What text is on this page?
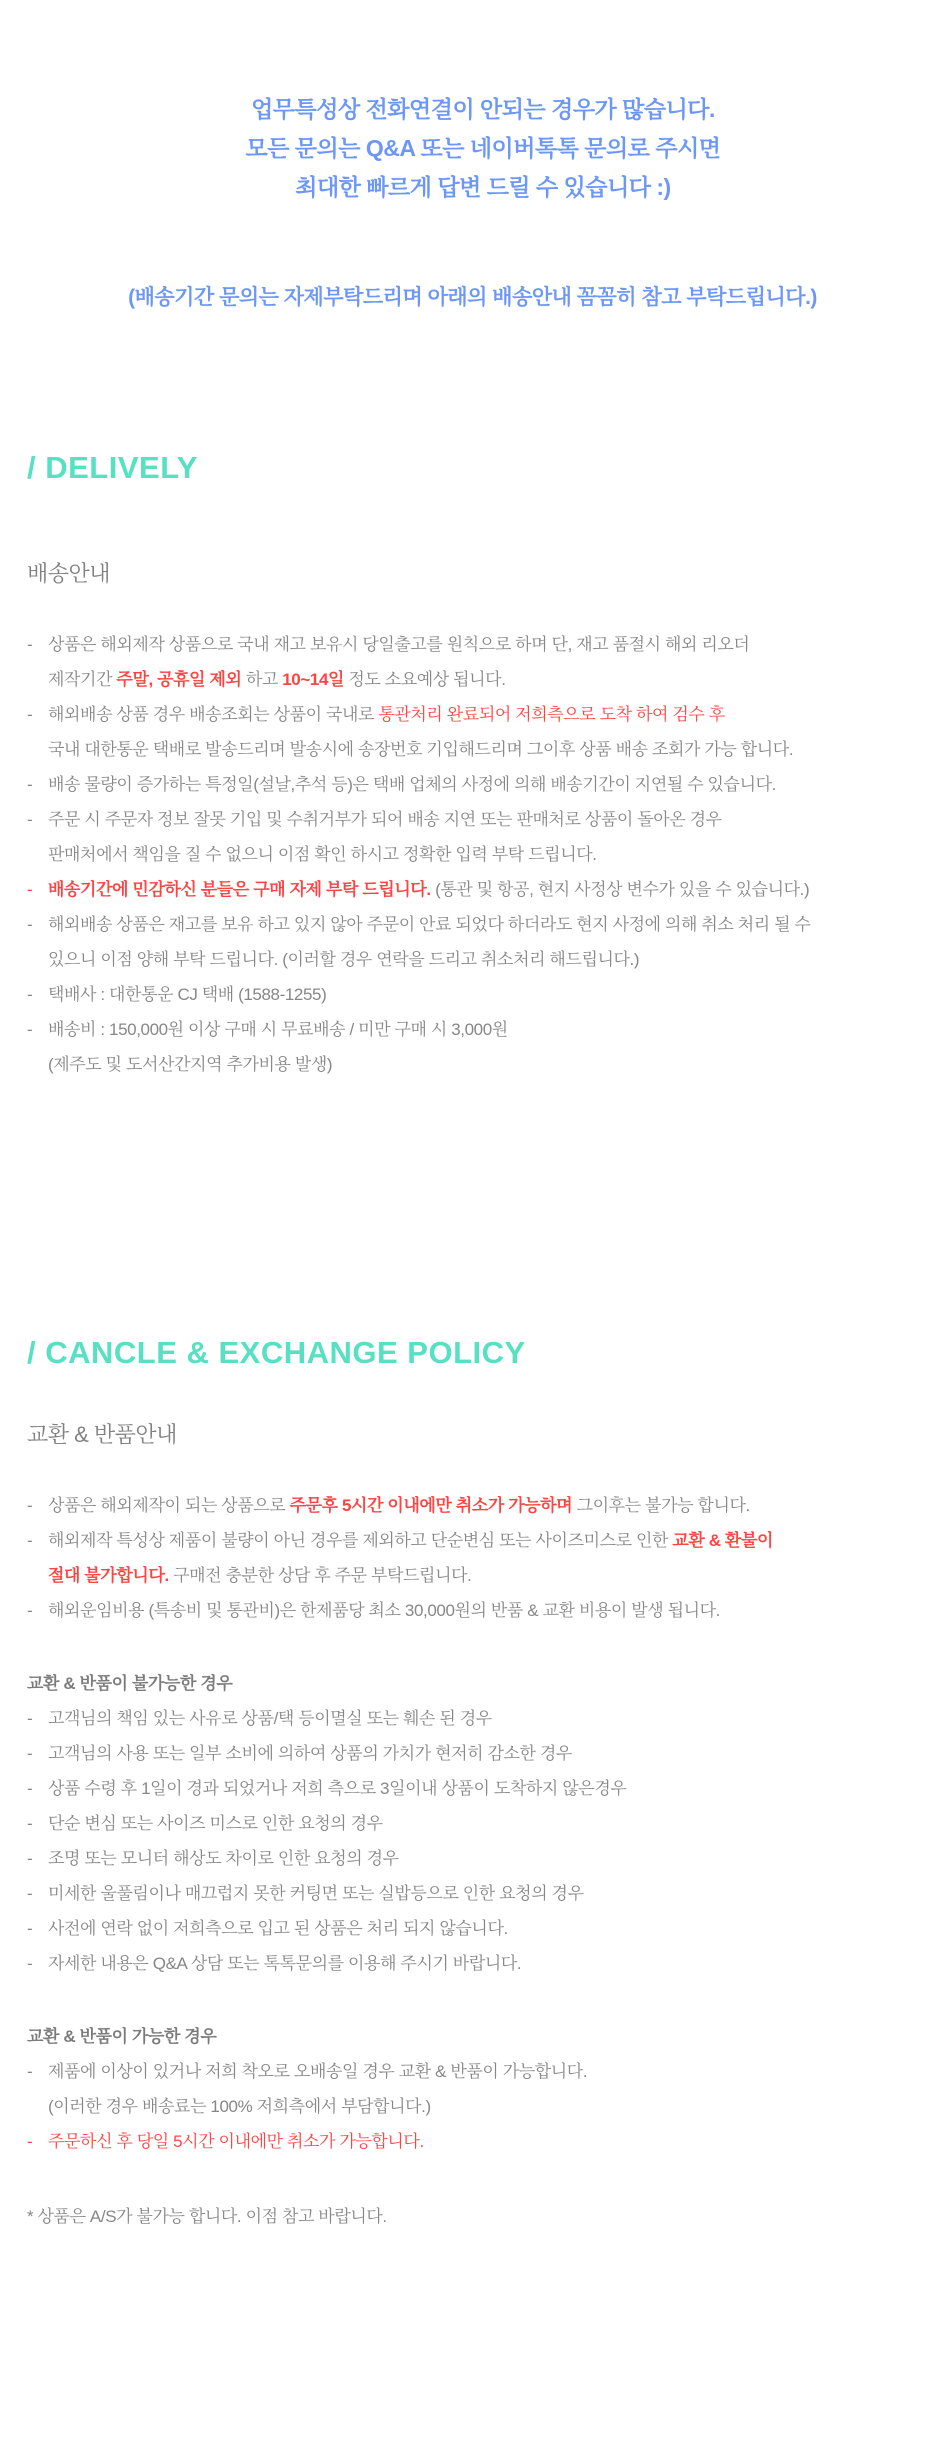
업무특성상 전화연결이 안되는 경우가 많습니다.
모든 문의는 Q&A 또는 네이버톡톡 문의로 주시면
최대한 빠르게 답변 드릴 수 있습니다 :)
(배송기간 문의는 자제부탁드리며 아래의 배송안내 꼼꼼히 참고 부탁드립니다.)
/ DELIVELY
배송안내
- 상품은 해외제작 상품으로 국내 재고 보유시 당일출고를 원칙으로 하며 단, 재고 품절시 해외 리오더
제작기간 주말, 공휴일 제외 하고 10~14일 정도 소요예상 됩니다.
- 해외배송 상품 경우 배송조회는 상품이 국내로 통관처리 완료되어 저희측으로 도착 하여 검수 후
국내 대한통운 택배로 발송드리며 발송시에 송장번호 기입해드리며 그이후 상품 배송 조회가 가능 합니다.
- 배송 물량이 증가하는 특정일(설날,추석 등)은 택배 업체의 사정에 의해 배송기간이 지연될 수 있습니다.
- 주문 시 주문자 정보 잘못 기입 및 수취거부가 되어 배송 지연 또는 판매처로 상품이 돌아온 경우
판매처에서 책임을 질 수 없으니 이점 확인 하시고 정확한 입력 부탁 드립니다.
- 배송기간에 민감하신 분들은 구매 자제 부탁 드립니다. (통관 및 항공, 현지 사정상 변수가 있을 수 있습니다.)
- 해외배송 상품은 재고를 보유 하고 있지 않아 주문이 안료 되었다 하더라도 현지 사정에 의해 취소 처리 될 수
있으니 이점 양해 부탁 드립니다. (이러할 경우 연락을 드리고 취소처리 해드립니다.)
- 택배사 : 대한통운 CJ 택배 (1588-1255)
- 배송비 : 150,000원 이상 구매 시 무료배송 / 미만 구매 시 3,000원
(제주도 및 도서산간지역 추가비용 발생)
/ CANCLE & EXCHANGE POLICY
교환 & 반품안내
- 상품은 해외제작이 되는 상품으로 주문후 5시간 이내에만 취소가 가능하며 그이후는 불가능 합니다.
- 해외제작 특성상 제품이 불량이 아닌 경우를 제외하고 단순변심 또는 사이즈미스로 인한 교환 & 환불이
절대 불가합니다. 구매전 충분한 상담 후 주문 부탁드립니다.
- 해외운임비용 (특송비 및 통관비)은 한제품당 최소 30,000원의 반품 & 교환 비용이 발생 됩니다.
교환 & 반품이 불가능한 경우
- 고객님의 책임 있는 사유로 상품/택 등이멸실 또는 훼손 된 경우
- 고객님의 사용 또는 일부 소비에 의하여 상품의 가치가 현저히 감소한 경우
- 상품 수령 후 1일이 경과 되었거나 저희 측으로 3일이내 상품이 도착하지 않은경우
- 단순 변심 또는 사이즈 미스로 인한 요청의 경우
- 조명 또는 모니터 해상도 차이로 인한 요청의 경우
- 미세한 울풀림이나 매끄럽지 못한 커팅면 또는 실밥등으로 인한 요청의 경우
- 사전에 연락 없이 저희측으로 입고 된 상품은 처리 되지 않습니다.
- 자세한 내용은 Q&A 상담 또는 톡톡문의를 이용해 주시기 바랍니다.
교환 & 반품이 가능한 경우
- 제품에 이상이 있거나 저희 착오로 오배송일 경우 교환 & 반품이 가능합니다.
(이러한 경우 배송료는 100% 저희측에서 부담합니다.)
- 주문하신 후 당일 5시간 이내에만 취소가 가능합니다.
* 상품은 A/S가 불가능 합니다. 이점 참고 바랍니다.
